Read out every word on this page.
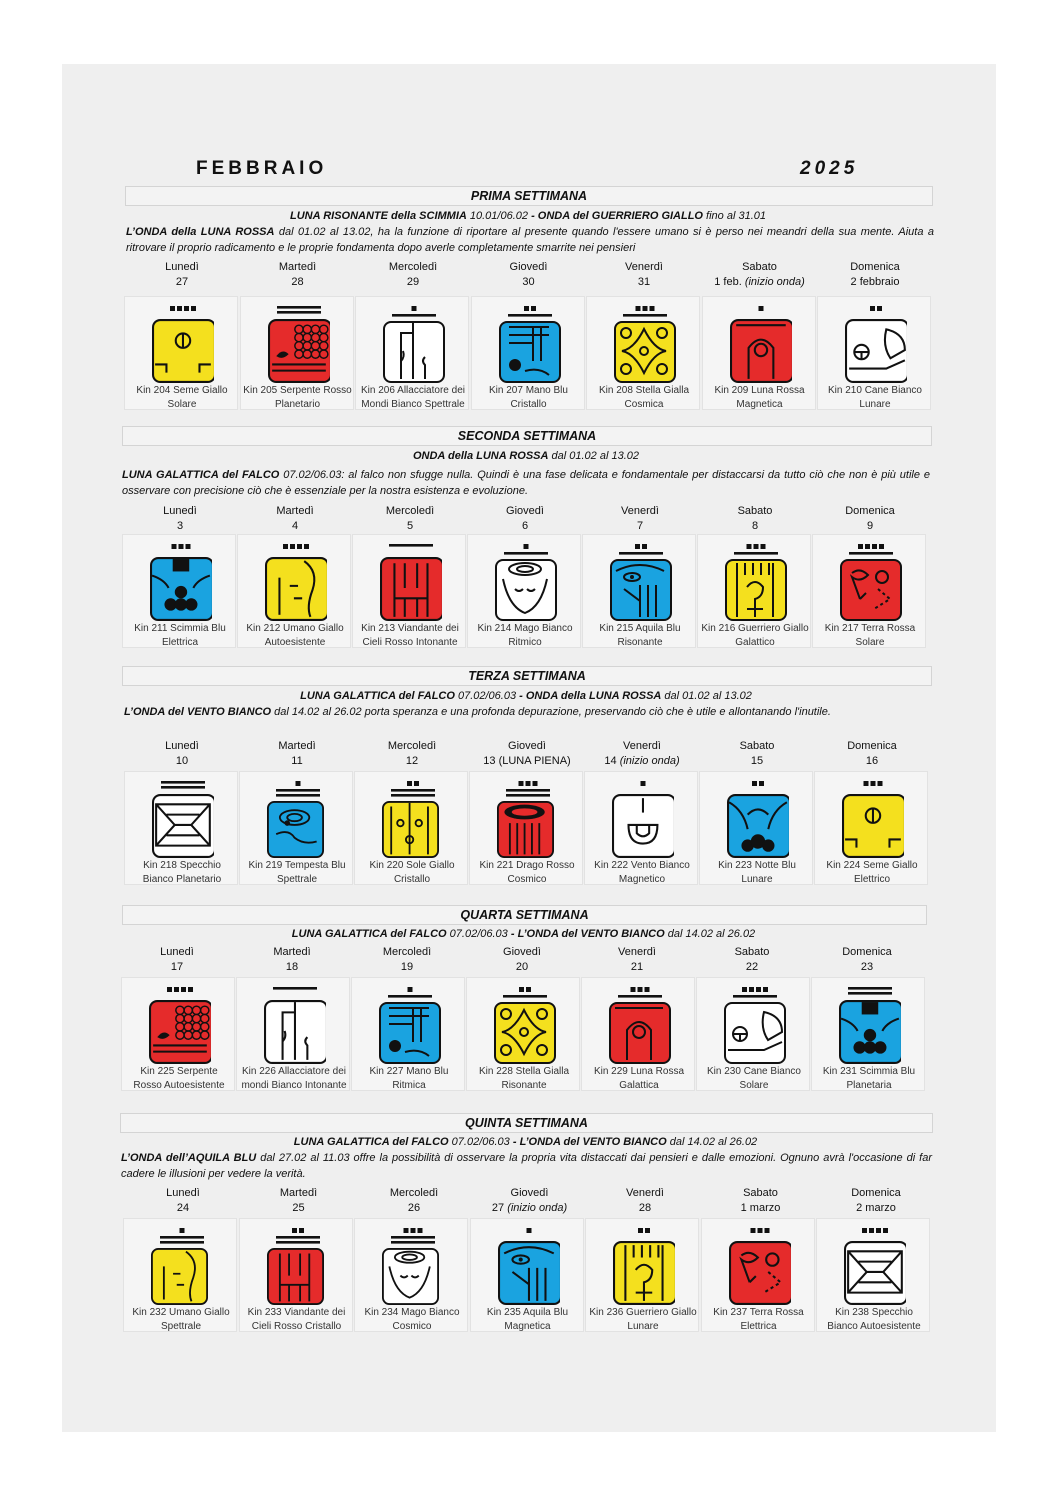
FEBBRAIO	2025
PRIMA SETTIMANA
LUNA RISONANTE della SCIMMIA 10.01/06.02 - ONDA del GUERRIERO GIALLO fino al 31.01
L’ONDA della LUNA ROSSA dal 01.02 al 13.02, ha la funzione di riportare al presente quando l'essere umano si è perso nei meandri della sua mente. Aiuta a ritrovare il proprio radicamento e le proprie fondamenta dopo averle completamente smarrite nei pensieri
Lunedì
27
Martedì
28
Mercoledì
29
Giovedì
30
Venerdì
31
Sabato
1 feb. (inizio onda)
Domenica
2 febbraio
Kin 204 Seme Giallo
Solare
Kin 205 Serpente Rosso
Planetario
Kin 206 Allacciatore dei
Mondi Bianco Spettrale
Kin 207 Mano Blu
Cristallo
Kin 208 Stella Gialla
Cosmica
Kin 209 Luna Rossa
Magnetica
Kin 210 Cane Bianco
Lunare
SECONDA SETTIMANA
ONDA della LUNA ROSSA dal 01.02 al 13.02
LUNA GALATTICA del FALCO 07.02/06.03: al falco non sfugge nulla. Quindi è una fase delicata e fondamentale per distaccarsi da tutto ciò che non è più utile e osservare con precisione ciò che è essenziale per la nostra esistenza e evoluzione.
Lunedì
3
Martedì
4
Mercoledì
5
Giovedì
6
Venerdì
7
Sabato
8
Domenica
9
Kin 211 Scimmia Blu
Elettrica
Kin 212 Umano Giallo
Autoesistente
Kin 213 Viandante dei
Cieli Rosso Intonante
Kin 214 Mago Bianco
Ritmico
Kin 215 Aquila Blu
Risonante
Kin 216 Guerriero Giallo
Galattico
Kin 217 Terra Rossa
Solare
TERZA SETTIMANA
LUNA GALATTICA del FALCO 07.02/06.03 - ONDA della LUNA ROSSA dal 01.02 al 13.02
L’ONDA del VENTO BIANCO dal 14.02 al 26.02 porta speranza e una profonda depurazione, preservando ciò che è utile e allontanando l'inutile.
Lunedì
10
Martedì
11
Mercoledì
12
Giovedì
13 (LUNA PIENA)
Venerdì
14 (inizio onda)
Sabato
15
Domenica
16
Kin 218 Specchio
Bianco Planetario
Kin 219 Tempesta Blu
Spettrale
Kin 220 Sole Giallo
Cristallo
Kin 221 Drago Rosso
Cosmico
Kin 222 Vento Bianco
Magnetico
Kin 223 Notte Blu
Lunare
Kin 224 Seme Giallo
Elettrico
QUARTA SETTIMANA
LUNA GALATTICA del FALCO 07.02/06.03 - L’ONDA del VENTO BIANCO dal 14.02 al 26.02
Lunedì
17
Martedì
18
Mercoledì
19
Giovedì
20
Venerdì
21
Sabato
22
Domenica
23
Kin 225 Serpente
Rosso Autoesistente
Kin 226 Allacciatore dei
mondi Bianco Intonante
Kin 227 Mano Blu
Ritmica
Kin 228 Stella Gialla
Risonante
Kin 229 Luna Rossa
Galattica
Kin 230 Cane Bianco
Solare
Kin 231 Scimmia Blu
Planetaria
QUINTA SETTIMANA
LUNA GALATTICA del FALCO 07.02/06.03 - L’ONDA del VENTO BIANCO dal 14.02 al 26.02
L’ONDA dell’AQUILA BLU dal 27.02 al 11.03 offre la possibilità di osservare la propria vita distaccati dai pensieri e dalle emozioni. Ognuno avrà l'occasione di far cadere le illusioni per vedere la verità.
Lunedì
24
Martedì
25
Mercoledì
26
Giovedì
27 (inizio onda)
Venerdì
28
Sabato
1 marzo
Domenica
2 marzo
Kin 232 Umano Giallo
Spettrale
Kin 233 Viandante dei
Cieli Rosso Cristallo
Kin 234 Mago Bianco
Cosmico
Kin 235 Aquila Blu
Magnetica
Kin 236 Guerriero Giallo
Lunare
Kin 237 Terra Rossa
Elettrica
Kin 238 Specchio
Bianco Autoesistente
